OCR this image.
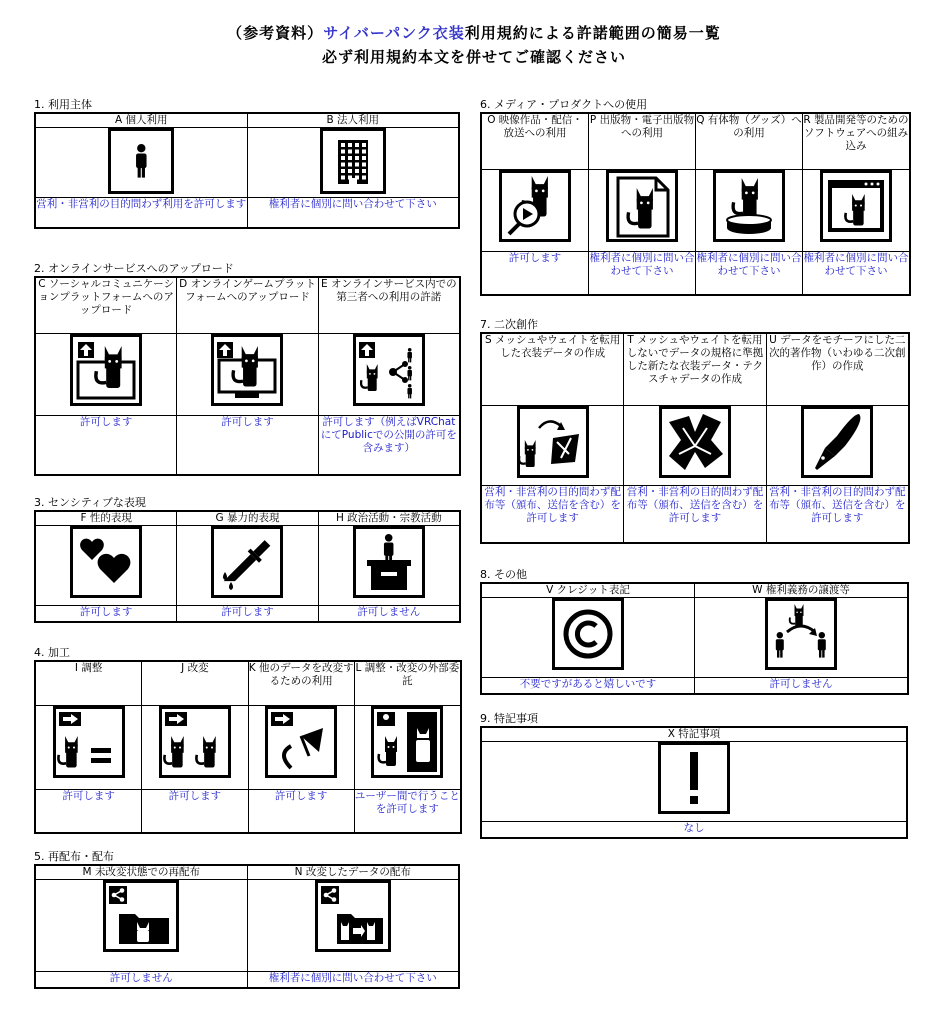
（参考資料）サイバーパンク衣装利用規約による許諾範囲の簡易一覧
必ず利用規約本文を併せてご確認ください
1. 利用主体
A 個人利用	B 法人利用

営利・非営利の目的問わず利用を許可します	権利者に個別に問い合わせて下さい
2. オンラインサービスへのアップロード
C ソーシャルコミュニケーションプラットフォームへのアップロード	D オンラインゲームプラットフォームへのアップロード	E オンラインサービス内での第三者への利用の許諾

許可します	許可します	許可します（例えばVRChatにてPublicでの公開の許可を含みます）
3. センシティブな表現
F 性的表現	G 暴力的表現	H 政治活動・宗教活動

許可します	許可します	許可しません
4. 加工
I 調整	J 改変	K 他のデータを改変するための利用	L 調整・改変の外部委託

許可します	許可します	許可します	ユーザー間で行うことを許可します
5. 再配布・配布
M 未改変状態での再配布	N 改変したデータの配布

許可しません	権利者に個別に問い合わせて下さい
6. メディア・プロダクトへの使用
O 映像作品・配信・放送への利用	P 出版物・電子出版物への利用	Q 有体物（グッズ）への利用	R 製品開発等のためのソフトウェアへの組み込み

許可します	権利者に個別に問い合わせて下さい	権利者に個別に問い合わせて下さい	権利者に個別に問い合わせて下さい
7. 二次創作
S メッシュやウェイトを転用した衣装データの作成	T メッシュやウェイトを転用しないでデータの規格に準拠した新たな衣装データ・テクスチャデータの作成	U データをモチーフにした二次的著作物（いわゆる二次創作）の作成

営利・非営利の目的問わず配布等（頒布、送信を含む）を許可します	営利・非営利の目的問わず配布等（頒布、送信を含む）を許可します	営利・非営利の目的問わず配布等（頒布、送信を含む）を許可します
8. その他
V クレジット表記	W 権利義務の譲渡等

不要ですがあると嬉しいです	許可しません
9. 特記事項
X 特記事項

なし
